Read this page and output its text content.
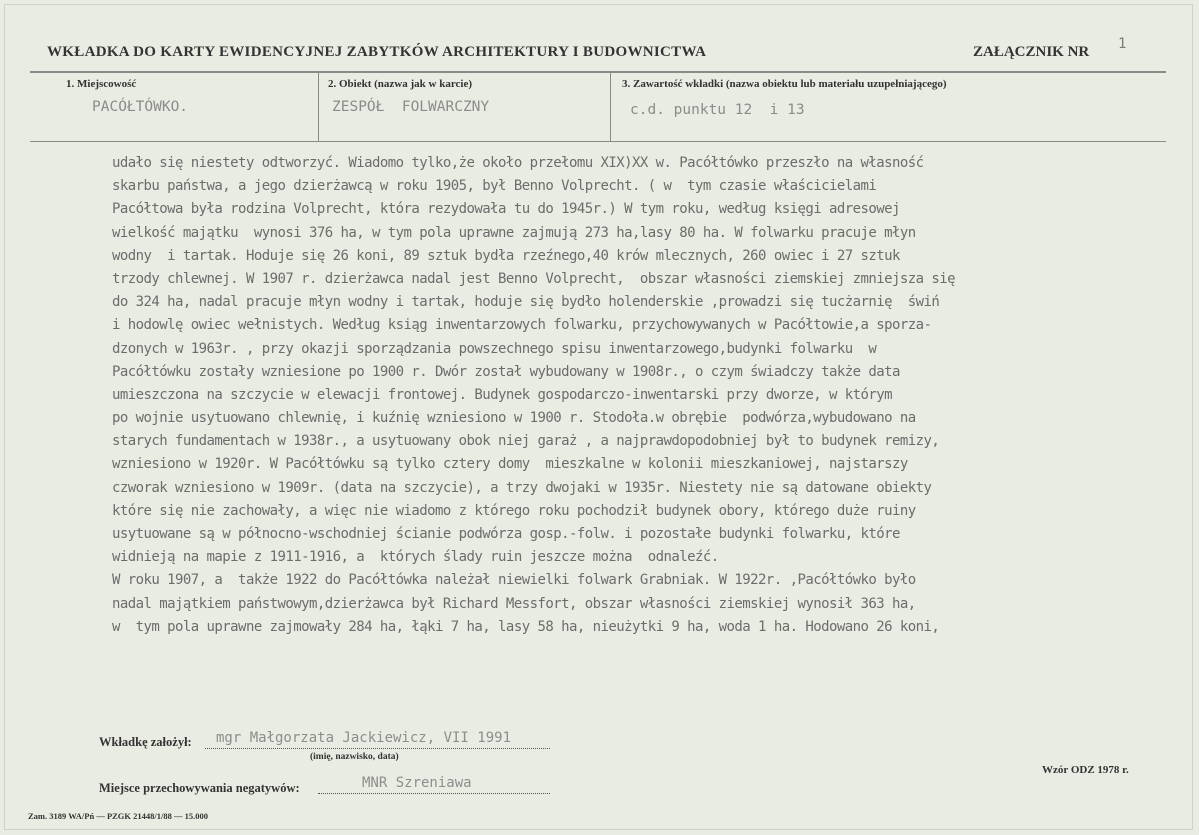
WKŁADKA DO KARTY EWIDENCYJNEJ ZABYTKÓW ARCHITEKTURY I BUDOWNICTWA	ZAŁĄCZNIK NR 1
1. Miejscowość
PACÓŁTÓWKO.
2. Obiekt (nazwa jak w karcie)
ZESPÓŁ  FOLWARCZNY
3. Zawartość wkładki (nazwa obiektu lub materiału uzupełniającego)
c.d. punktu 12  i 13
udało się niestety odtworzyć. Wiadomo tylko,że około przełomu XIX)XX w. Pacółtówko przeszło na własność
skarbu państwa, a jego dzierżawcą w roku 1905, był Benno Volprecht. ( w  tym czasie właścicielami
Pacółtowa była rodzina Volprecht, która rezydowała tu do 1945r.) W tym roku, według księgi adresowej
wielkość majątku  wynosi 376 ha, w tym pola uprawne zajmują 273 ha,lasy 80 ha. W folwarku pracuje młyn
wodny  i tartak. Hoduje się 26 koni, 89 sztuk bydła rzeźnego,40 krów mlecznych, 260 owiec i 27 sztuk
trzody chlewnej. W 1907 r. dzierżawca nadal jest Benno Volprecht,  obszar własności ziemskiej zmniejsza się
do 324 ha, nadal pracuje młyn wodny i tartak, hoduje się bydło holenderskie ,prowadzi się tucżarnię  świń
i hodowlę owiec wełnistych. Według ksiąg inwentarzowych folwarku, przychowywanych w Pacółtowie,a sporza-
dzonych w 1963r. , przy okazji sporządzania powszechnego spisu inwentarzowego,budynki folwarku  w
Pacółtówku zostały wzniesione po 1900 r. Dwór został wybudowany w 1908r., o czym świadczy także data
umieszczona na szczycie w elewacji frontowej. Budynek gospodarczo-inwentarski przy dworze, w którym
po wojnie usytuowano chlewnię, i kuźnię wzniesiono w 1900 r. Stodoła.w obrębie  podwórza,wybudowano na
starych fundamentach w 1938r., a usytuowany obok niej garaż , a najprawdopodobniej był to budynek remizy,
wzniesiono w 1920r. W Pacółtówku są tylko cztery domy  mieszkalne w kolonii mieszkaniowej, najstarszy
czworak wzniesiono w 1909r. (data na szczycie), a trzy dwojaki w 1935r. Niestety nie są datowane obiekty
które się nie zachowały, a więc nie wiadomo z którego roku pochodził budynek obory, którego duże ruiny
usytuowane są w północno-wschodniej ścianie podwórza gosp.-folw. i pozostałe budynki folwarku, które
widnieją na mapie z 1911-1916, a  których ślady ruin jeszcze można  odnaleźć.
W roku 1907, a  także 1922 do Pacółtówka należał niewielki folwark Grabniak. W 1922r. ,Pacółtówko było
nadal majątkiem państwowym,dzierżawca był Richard Messfort, obszar własności ziemskiej wynosił 363 ha,
w  tym pola uprawne zajmowały 284 ha, łąki 7 ha, lasy 58 ha, nieużytki 9 ha, woda 1 ha. Hodowano 26 koni,
Wkładkę założył: mgr Małgorzata Jackiewicz, VII 1991
(imię, nazwisko, data)
Miejsce przechowywania negatywów:	MNR Szreniawa
Wzór ODZ 1978 r.
Zam. 3189 WA/Pń — PZGK 21448/1/88 — 15.000
